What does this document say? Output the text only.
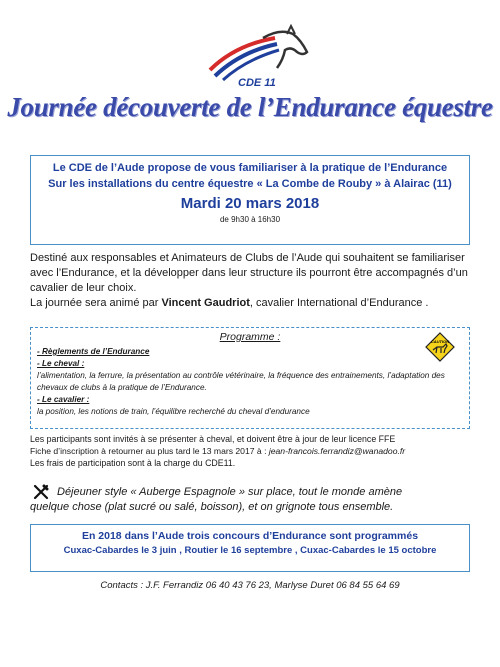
CDE 11
Journée découverte de l’Endurance équestre
Le CDE de l’Aude propose de vous familiariser à la pratique de l’Endurance
Sur les installations du centre équestre « La Combe de Rouby » à Alairac (11)
Mardi 20 mars 2018
de 9h30 à 16h30
Destiné aux responsables et Animateurs de Clubs de l’Aude qui souhaitent se familiariser avec l’Endurance, et la développer dans leur structure ils pourront être accompagnés d’un cavalier de leur choix.
La journée sera animé par Vincent Gaudriot, cavalier International d’Endurance .
Programme :
- Règlements de l’Endurance
- Le cheval :
l’alimentation, la ferrure, la présentation au contrôle vétérinaire, la fréquence des entrainements, l’adaptation des chevaux de clubs à la pratique de l’Endurance.
- Le cavalier :
la position, les notions de train, l’équilibre recherché du cheval d’endurance
CAUTION
Les participants sont invités à se présenter à cheval, et doivent être à jour de leur licence FFE
Fiche d’inscription à retourner au plus tard le 13 mars 2017 à : jean-francois.ferrandiz@wanadoo.fr
Les frais de participation sont à la charge du CDE11.
Déjeuner style « Auberge Espagnole » sur place, tout le monde amène
quelque chose (plat sucré ou salé, boisson), et on grignote tous ensemble.
En 2018 dans l’Aude trois concours d’Endurance sont programmés
Cuxac-Cabardes le 3 juin , Routier le 16 septembre , Cuxac-Cabardes le 15 octobre
Contacts : J.F. Ferrandiz 06 40 43 76 23, Marlyse Duret 06 84 55 64 69
